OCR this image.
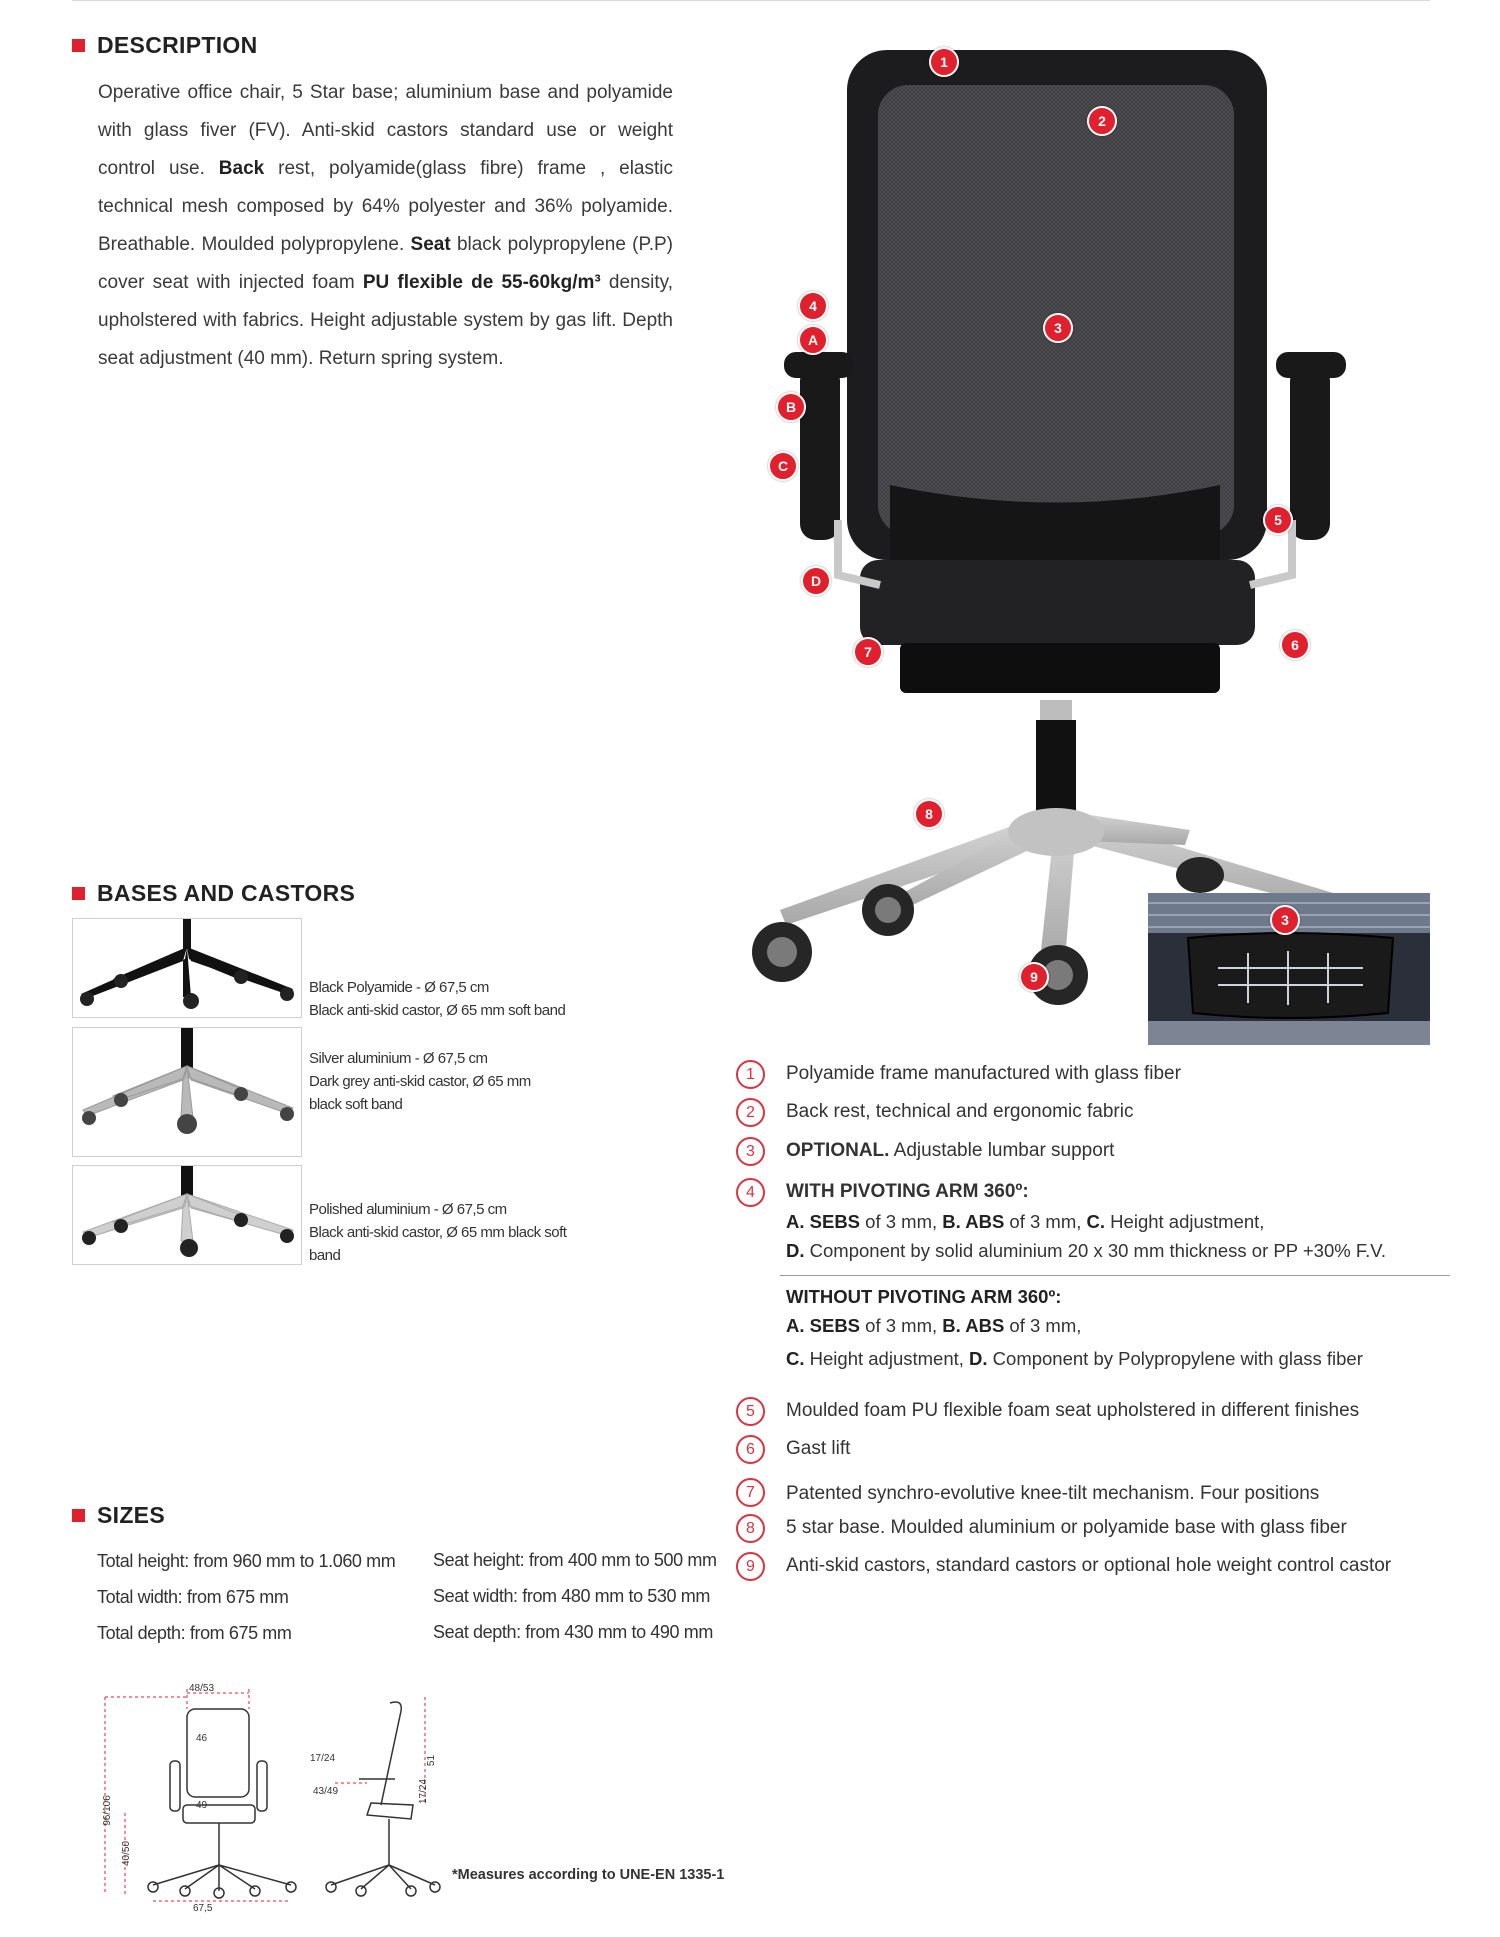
DESCRIPTION
Operative office chair, 5 Star base; aluminium base and polyamide with glass fiver (FV). Anti-skid castors standard use or weight control use. Back rest, polyamide(glass fibre) frame , elastic technical mesh composed by 64% polyester and 36% polyamide. Breathable. Moulded polypropylene. Seat black polypropylene (P.P) cover seat with injected foam PU flexible de 55-60kg/m³ density, upholstered with fabrics. Height adjustable system by gas lift. Depth seat adjustment (40 mm). Return spring system.
1
2
3
4
A
B
C
D
5
6
7
8
9
3
BASES AND CASTORS
Black Polyamide - Ø 67,5 cm
Black anti-skid castor, Ø 65 mm soft band
Silver aluminium - Ø 67,5 cm
Dark grey anti-skid castor, Ø 65 mm
black soft band
Polished aluminium - Ø 67,5 cm
Black anti-skid castor, Ø 65 mm black soft
band
SIZES
Total height: from 960 mm to 1.060 mm
Total width: from 675 mm
Total depth: from 675 mm
Seat height: from 400 mm to 500 mm
Seat width: from 480 mm to 530 mm
Seat depth: from 430 mm to 490 mm
48/53
46
49
96/106
40/50
67,5
17/24
43/49
51
17/24
*Measures according to UNE-EN 1335-1
1	Polyamide frame manufactured with glass fiber
2	Back rest, technical and ergonomic fabric
3	OPTIONAL. Adjustable lumbar support
4	WITH PIVOTING ARM 360º:
A. SEBS of 3 mm, B. ABS of 3 mm, C. Height adjustment,
D. Component by solid aluminium 20 x 30 mm thickness or PP +30% F.V.
WITHOUT PIVOTING ARM 360º:
A. SEBS of 3 mm, B. ABS of 3 mm,
C. Height adjustment, D. Component by Polypropylene with glass fiber
5	Moulded foam PU flexible foam seat upholstered in different finishes
6	Gast lift
7	Patented synchro-evolutive knee-tilt mechanism. Four positions
8	5 star base. Moulded aluminium or polyamide base with glass fiber
9	Anti-skid castors, standard castors or optional hole weight control castor
